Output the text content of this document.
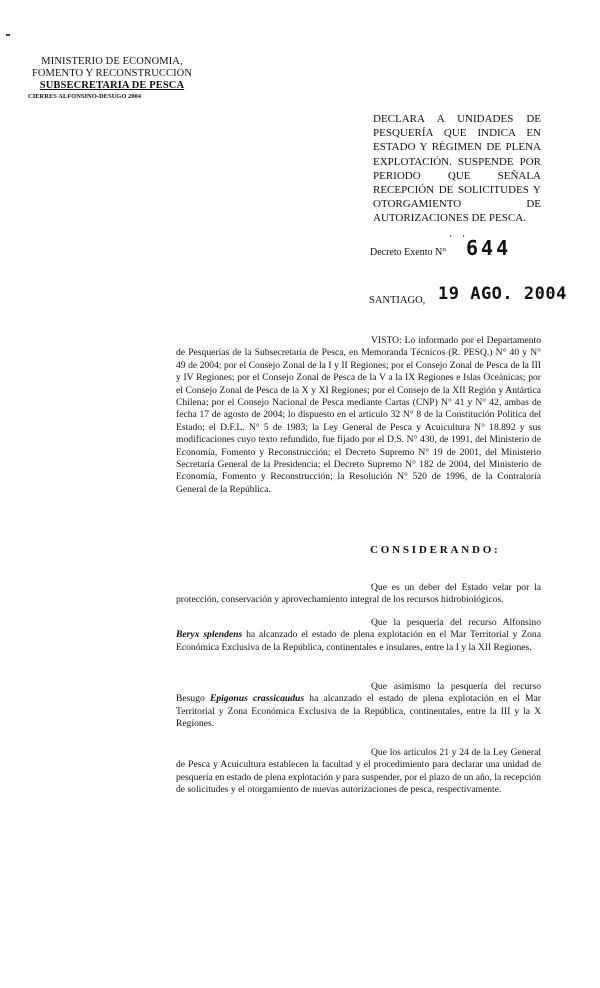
MINISTERIO DE ECONOMIA,
FOMENTO Y RECONSTRUCCION
SUBSECRETARIA DE PESCA
CIERRES ALFONSINO-DESUGO 2004
DECLARA A UNIDADES DE
PESQUERÍA QUE INDICA EN
ESTADO Y RÉGIMEN DE PLENA
EXPLOTACIÓN. SUSPENDE POR
PERIODO QUE SEÑALA
RECEPCIÓN DE SOLICITUDES Y
OTORGAMIENTO DE
AUTORIZACIONES DE PESCA.
Decreto Exento N°
· ·
644
SANTIAGO, 19 AGO. 2004
VISTO: Lo informado por el Departamento de Pesquerías de la Subsecretaría de Pesca, en Memoranda Técnicos (R. PESQ.) N° 40 y N° 49 de 2004; por el Consejo Zonal de la I y II Regiones; por el Consejo Zonal de Pesca de la III y IV Regiones; por el Consejo Zonal de Pesca de la V a la IX Regiones e Islas Oceánicas; por el Consejo Zonal de Pesca de la X y XI Regiones; por el Consejo de la XII Región y Antártica Chilena; por el Consejo Nacional de Pesca mediante Cartas (CNP) N° 41 y N° 42, ambas de fecha 17 de agosto de 2004; lo dispuesto en el artículo 32 N° 8 de la Constitución Política del Estado; el D.F.L. N° 5 de 1983; la Ley General de Pesca y Acuicultura N° 18.892 y sus modificaciones cuyo texto refundido, fue fijado por el D.S. N° 430, de 1991, del Ministerio de Economía, Fomento y Reconstrucción; el Decreto Supremo N° 19 de 2001, del Ministerio Secretaría General de la Presidencia; el Decreto Supremo N° 182 de 2004, del Ministerio de Economía, Fomento y Reconstrucción; la Resolución N° 520 de 1996, de la Contraloría General de la República.
CONSIDERANDO:
Que es un deber del Estado velar por la protección, conservación y aprovechamiento integral de los recursos hidrobiológicos.
Que la pesquería del recurso Alfonsino Beryx splendens ha alcanzado el estado de plena explotación en el Mar Territorial y Zona Económica Exclusiva de la República, continentales e insulares, entre la I y la XII Regiones.
Que asimismo la pesquería del recurso Besugo Epigonus crassicaudus ha alcanzado el estado de plena explotación en el Mar Territorial y Zona Económica Exclusiva de la República, continentales, entre la III y la X Regiones.
Que los artículos 21 y 24 de la Ley General de Pesca y Acuicultura establecen la facultad y el procedimiento para declarar una unidad de pesquería en estado de plena explotación y para suspender, por el plazo de un año, la recepción de solicitudes y el otorgamiento de nuevas autorizaciones de pesca, respectivamente.
